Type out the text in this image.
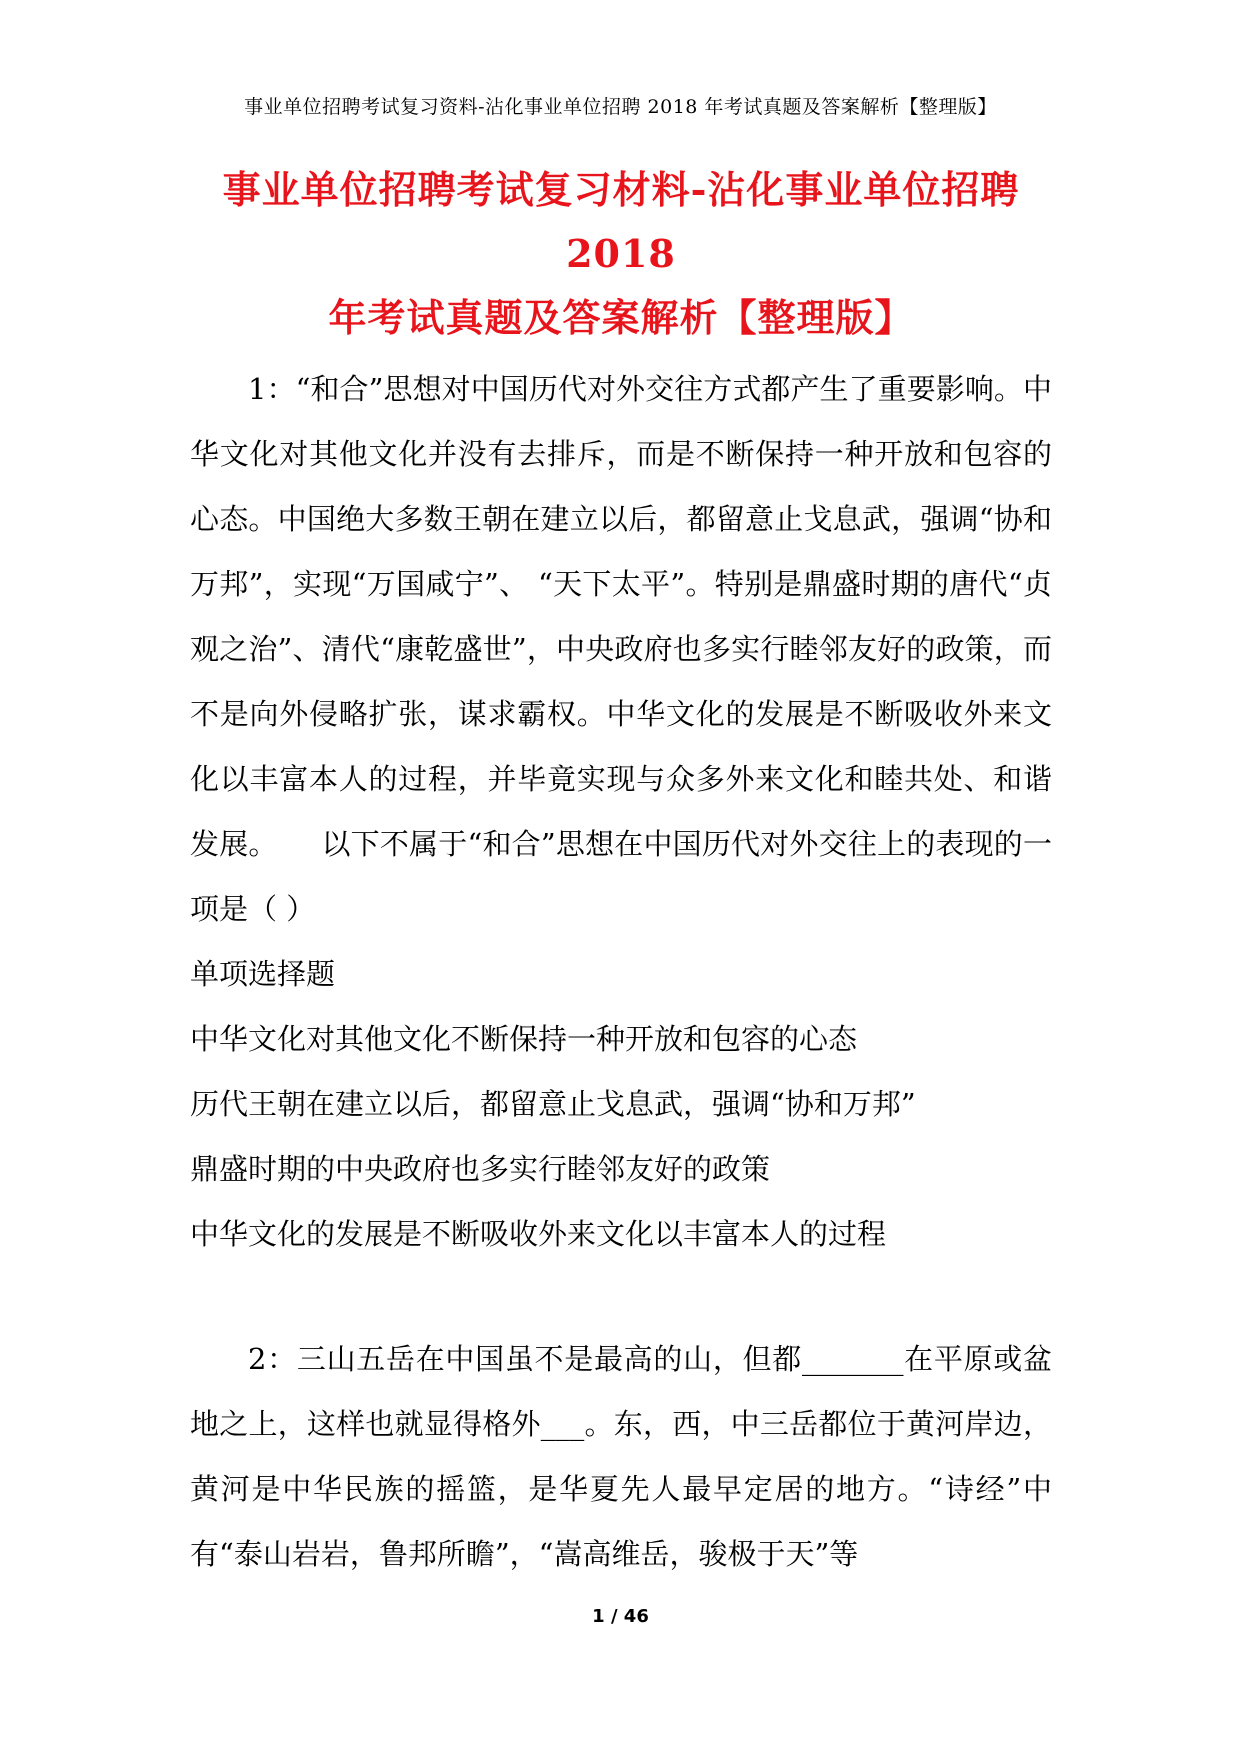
事业单位招聘考试复习资料-沾化事业单位招聘 2018 年考试真题及答案解析【整理版】
事业单位招聘考试复习材料-沾化事业单位招聘 2018
年考试真题及答案解析【整理版】

1：“和合”思想对中国历代对外交往方式都产生了重要影响。中华文化对其他文化并没有去排斥，而是不断保持一种开放和包容的心态。中国绝大多数王朝在建立以后，都留意止戈息武，强调“协和万邦”，实现“万国咸宁”、 “天下太平”。特别是鼎盛时期的唐代“贞观之治”、清代“康乾盛世”，中央政府也多实行睦邻友好的政策，而不是向外侵略扩张，谋求霸权。中华文化的发展是不断吸收外来文化以丰富本人的过程，并毕竟实现与众多外来文化和睦共处、和谐发展。　　以下不属于“和合”思想在中国历代对外交往上的表现的一项是（ ）

单项选择题

中华文化对其他文化不断保持一种开放和包容的心态

历代王朝在建立以后，都留意止戈息武，强调“协和万邦”

鼎盛时期的中央政府也多实行睦邻友好的政策

中华文化的发展是不断吸收外来文化以丰富本人的过程

2：三山五岳在中国虽不是最高的山，但都_______在平原或盆地之上，这样也就显得格外___。东，西，中三岳都位于黄河岸边，黄河是中华民族的摇篮，是华夏先人最早定居的地方。“诗经”中有“泰山岩岩，鲁邦所瞻”，“嵩高维岳，骏极于天”等

1 / 46
